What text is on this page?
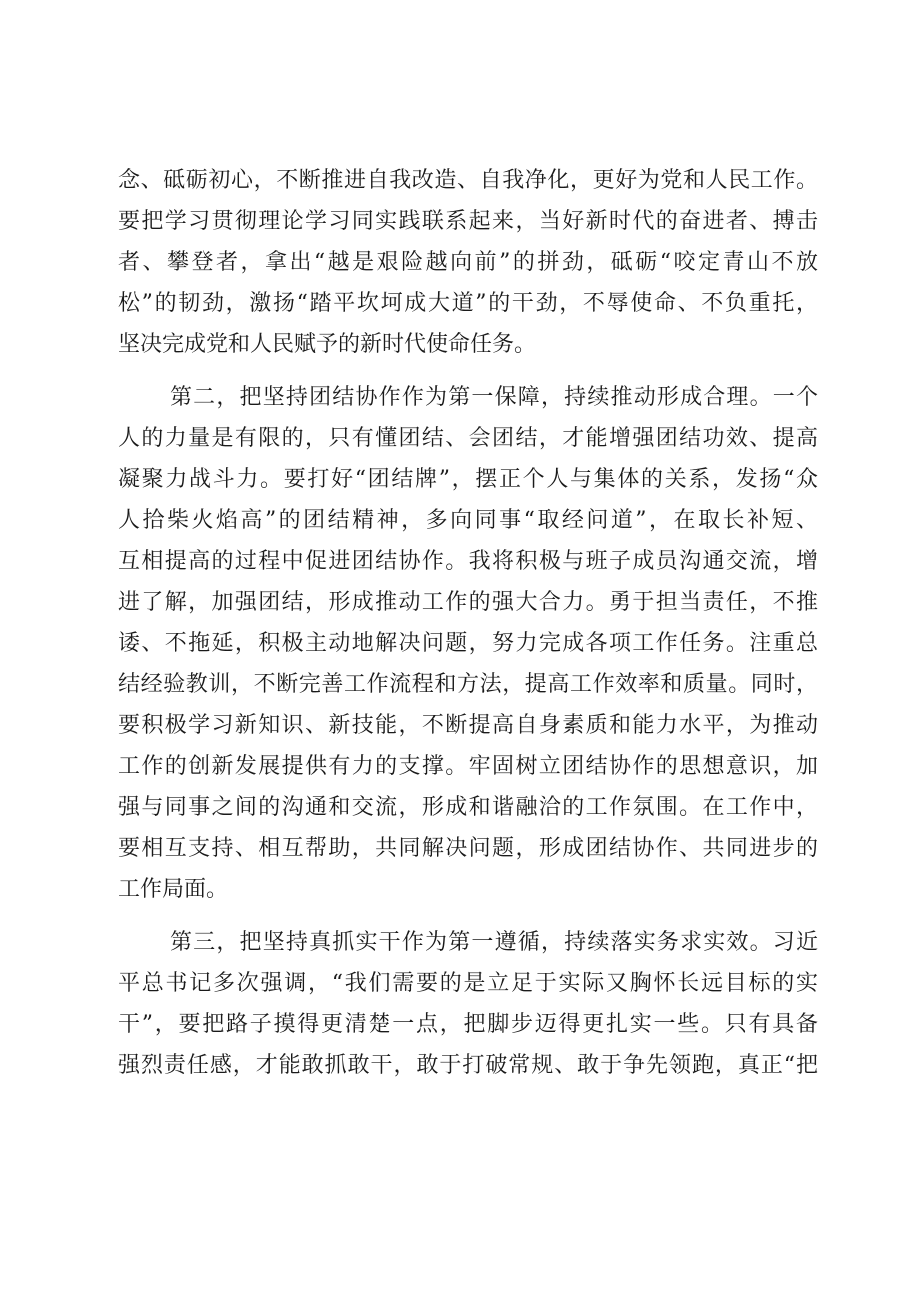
念、砥砺初心，不断推进自我改造、自我净化，更好为党和人民工作。
要把学习贯彻理论学习同实践联系起来，当好新时代的奋进者、搏击
者、攀登者，拿出“越是艰险越向前”的拼劲，砥砺“咬定青山不放
松”的韧劲，激扬“踏平坎坷成大道”的干劲，不辱使命、不负重托，
坚决完成党和人民赋予的新时代使命任务。
第二，把坚持团结协作作为第一保障，持续推动形成合理。一个
人的力量是有限的，只有懂团结、会团结，才能增强团结功效、提高
凝聚力战斗力。要打好“团结牌”，摆正个人与集体的关系，发扬“众
人拾柴火焰高”的团结精神，多向同事“取经问道”，在取长补短、
互相提高的过程中促进团结协作。我将积极与班子成员沟通交流，增
进了解，加强团结，形成推动工作的强大合力。勇于担当责任，不推
诿、不拖延，积极主动地解决问题，努力完成各项工作任务。注重总
结经验教训，不断完善工作流程和方法，提高工作效率和质量。同时，
要积极学习新知识、新技能，不断提高自身素质和能力水平，为推动
工作的创新发展提供有力的支撑。牢固树立团结协作的思想意识，加
强与同事之间的沟通和交流，形成和谐融洽的工作氛围。在工作中，
要相互支持、相互帮助，共同解决问题，形成团结协作、共同进步的
工作局面。
第三，把坚持真抓实干作为第一遵循，持续落实务求实效。习近
平总书记多次强调，“我们需要的是立足于实际又胸怀长远目标的实
干”，要把路子摸得更清楚一点，把脚步迈得更扎实一些。只有具备
强烈责任感，才能敢抓敢干，敢于打破常规、敢于争先领跑，真正“把
